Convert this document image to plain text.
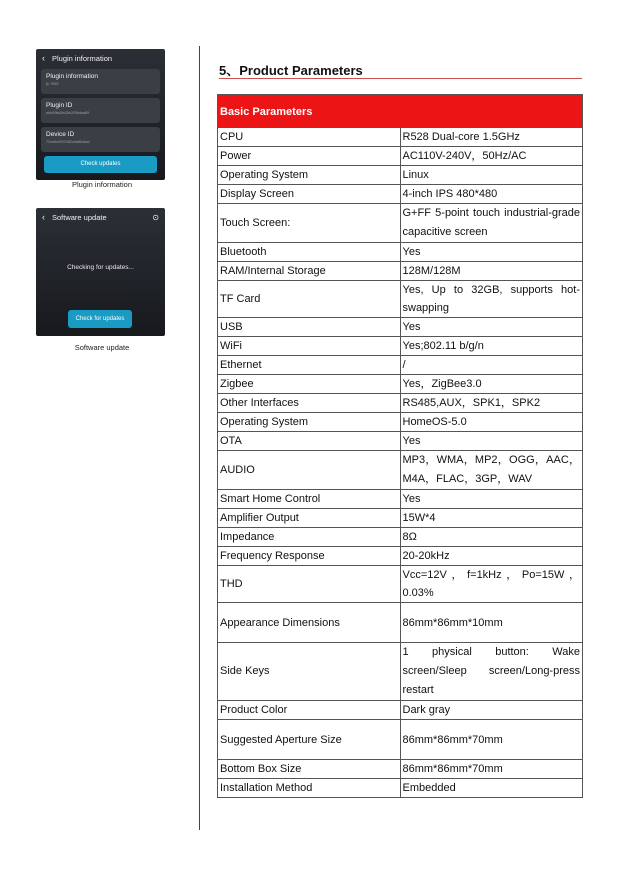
‹ Plugin information
Plugin information
fy 7065
Plugin ID
ebb59fa2b43fc205bfaa89
Device ID
72ce8c90f7082c0af6c8ad
Check updates
Plugin information
‹ Software update	⊙
Checking for updates...
Check for updates
Software update
5、Product Parameters
Basic Parameters	
CPU	R528 Dual-core 1.5GHz
Power	AC110V-240V，50Hz/AC
Operating System	Linux
Display Screen	4-inch IPS 480*480
Touch Screen:	G+FF 5-point touch industrial-grade capacitive screen
Bluetooth	Yes
RAM/Internal Storage	128M/128M
TF Card	Yes, Up to 32GB, supports hot-swapping
USB	Yes
WiFi	Yes;802.11 b/g/n
Ethernet	/
Zigbee	Yes，ZigBee3.0
Other Interfaces	RS485,AUX，SPK1，SPK2
Operating System	HomeOS-5.0
OTA	Yes
AUDIO	MP3，WMA，MP2，OGG，AAC，M4A，FLAC，3GP，WAV
Smart Home Control	Yes
Amplifier Output	15W*4
Impedance	8Ω
Frequency Response	20-20kHz
THD	Vcc=12V，f=1kHz，Po=15W，0.03%
Appearance Dimensions	86mm*86mm*10mm
Side Keys	1 physical button: Wake screen/Sleep screen/Long-press restart
Product Color	Dark gray
Suggested Aperture Size	86mm*86mm*70mm
Bottom Box Size	86mm*86mm*70mm
Installation Method	Embedded
